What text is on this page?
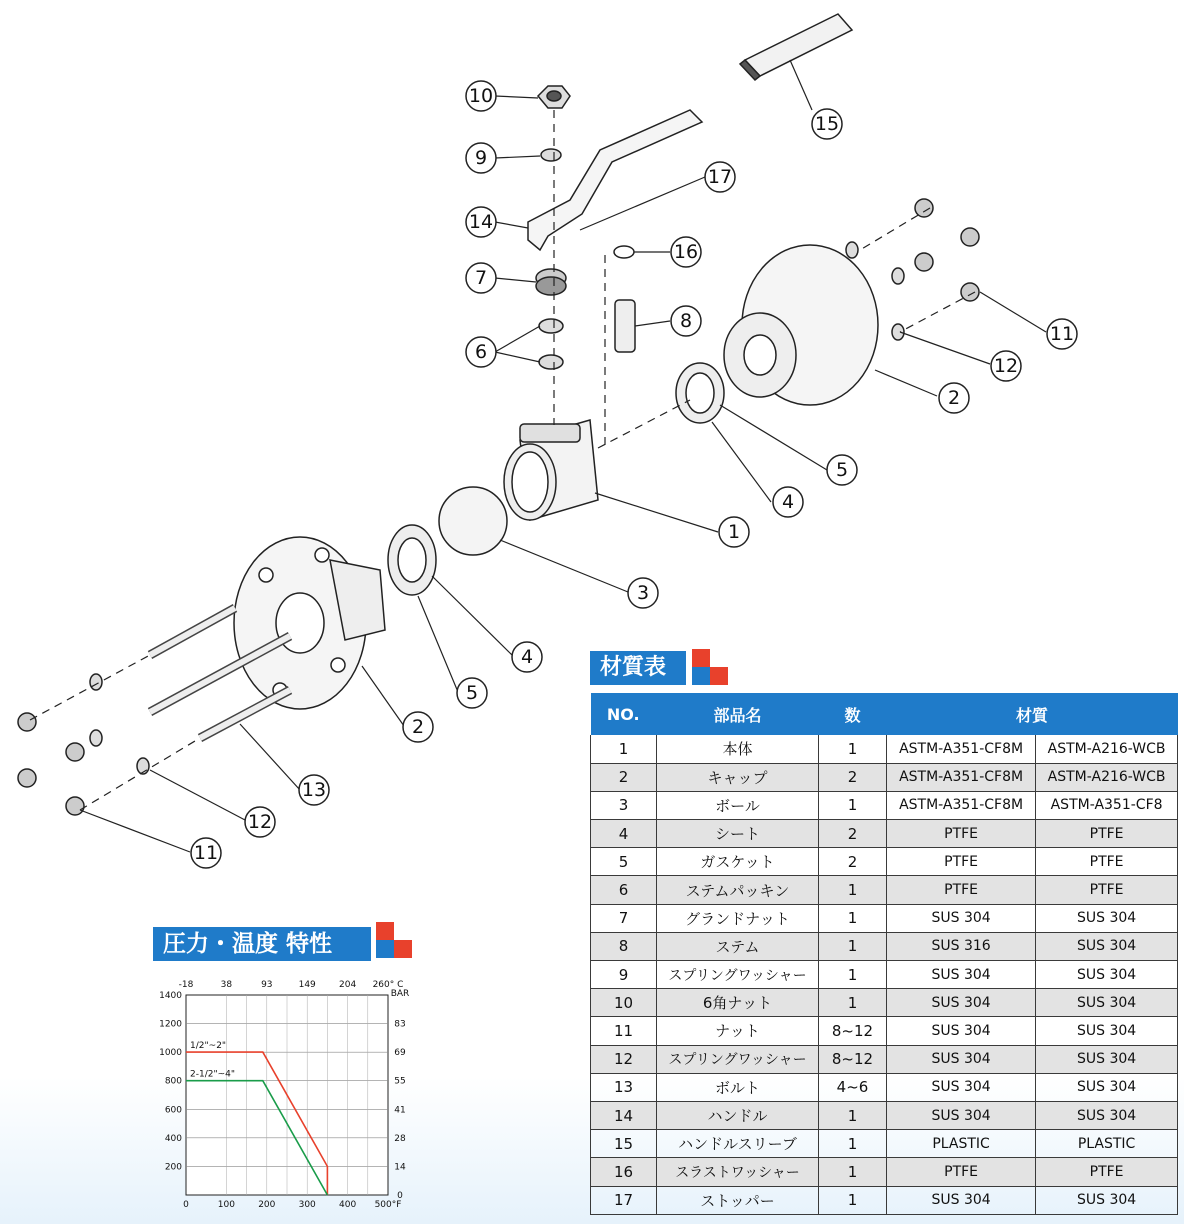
10
9
14
7
6
17
16
8
15
11
12
2
5
4
1
3
4
5
2
13
12
11
材質表
NO.	部品名	数	材質	
1	本体	1	ASTM-A351-CF8M	ASTM-A216-WCB
2	キャップ	2	ASTM-A351-CF8M	ASTM-A216-WCB
3	ボール	1	ASTM-A351-CF8M	ASTM-A351-CF8
4	シート	2	PTFE	PTFE
5	ガスケット	2	PTFE	PTFE
6	ステムパッキン	1	PTFE	PTFE
7	グランドナット	1	SUS 304	SUS 304
8	ステム	1	SUS 316	SUS 304
9	スプリングワッシャー	1	SUS 304	SUS 304
10	6角ナット	1	SUS 304	SUS 304
11	ナット	8~12	SUS 304	SUS 304
12	スプリングワッシャー	8~12	SUS 304	SUS 304
13	ボルト	4~6	SUS 304	SUS 304
14	ハンドル	1	SUS 304	SUS 304
15	ハンドルスリーブ	1	PLASTIC	PLASTIC
16	スラストワッシャー	1	PTFE	PTFE
17	ストッパー	1	SUS 304	SUS 304
圧力・温度 特性
1400
1200
1000
800
600
400
200
0	100	200	300	400 500°F
-18	38	93	149	204 260° C
BAR
83
69
55
41
28
14
0
1/2"~2"
2-1/2"~4"
